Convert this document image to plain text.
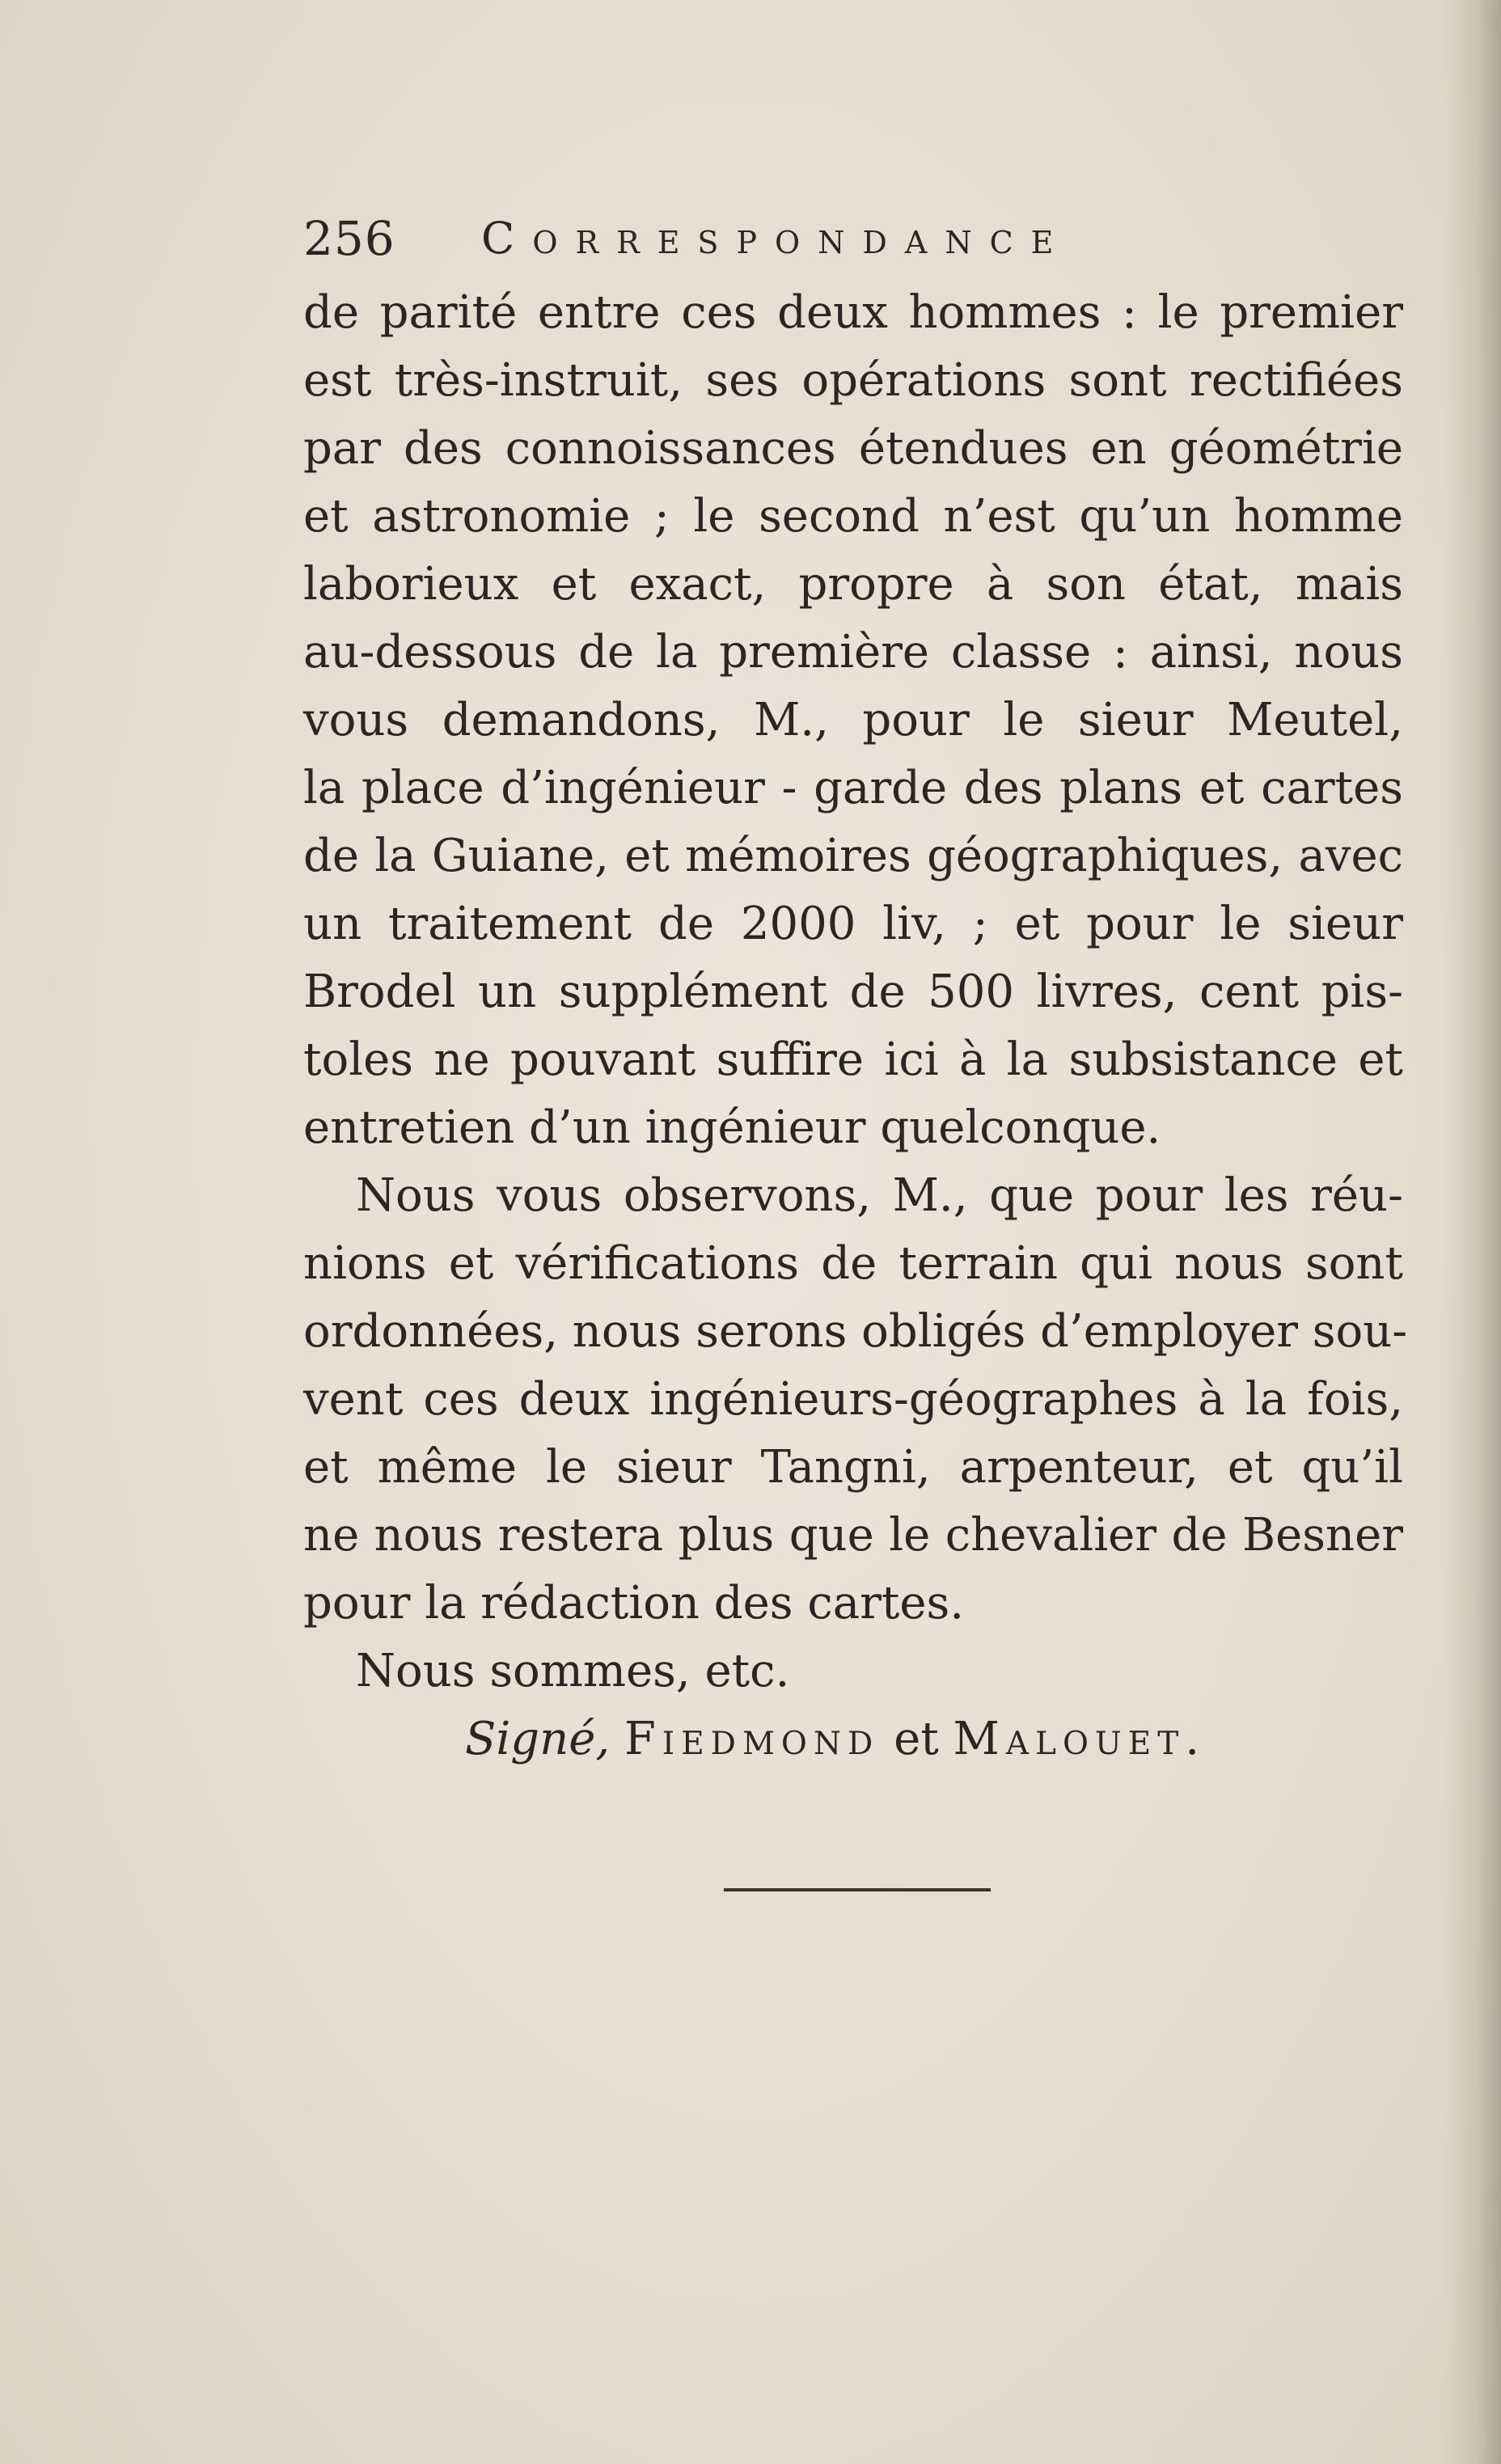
256 Correspondance
de parité entre ces deux hommes : le premier
est très-instruit, ses opérations sont rectifiées
par des connoissances étendues en géométrie
et astronomie ; le second n’est qu’un homme
laborieux et exact, propre à son état, mais
au-dessous de la première classe : ainsi, nous
vous demandons, M., pour le sieur Meutel,
la place d’ingénieur - garde des plans et cartes
de la Guiane, et mémoires géographiques, avec
un traitement de 2000 liv, ; et pour le sieur
Brodel un supplément de 500 livres, cent pis-
toles ne pouvant suffire ici à la subsistance et
entretien d’un ingénieur quelconque.
Nous vous observons, M., que pour les réu-
nions et vérifications de terrain qui nous sont
ordonnées, nous serons obligés d’employer sou-
vent ces deux ingénieurs-géographes à la fois,
et même le sieur Tangni, arpenteur, et qu’il
ne nous restera plus que le chevalier de Besner
pour la rédaction des cartes.
Nous sommes, etc.
Signé, Fiedmond et Malouet.
